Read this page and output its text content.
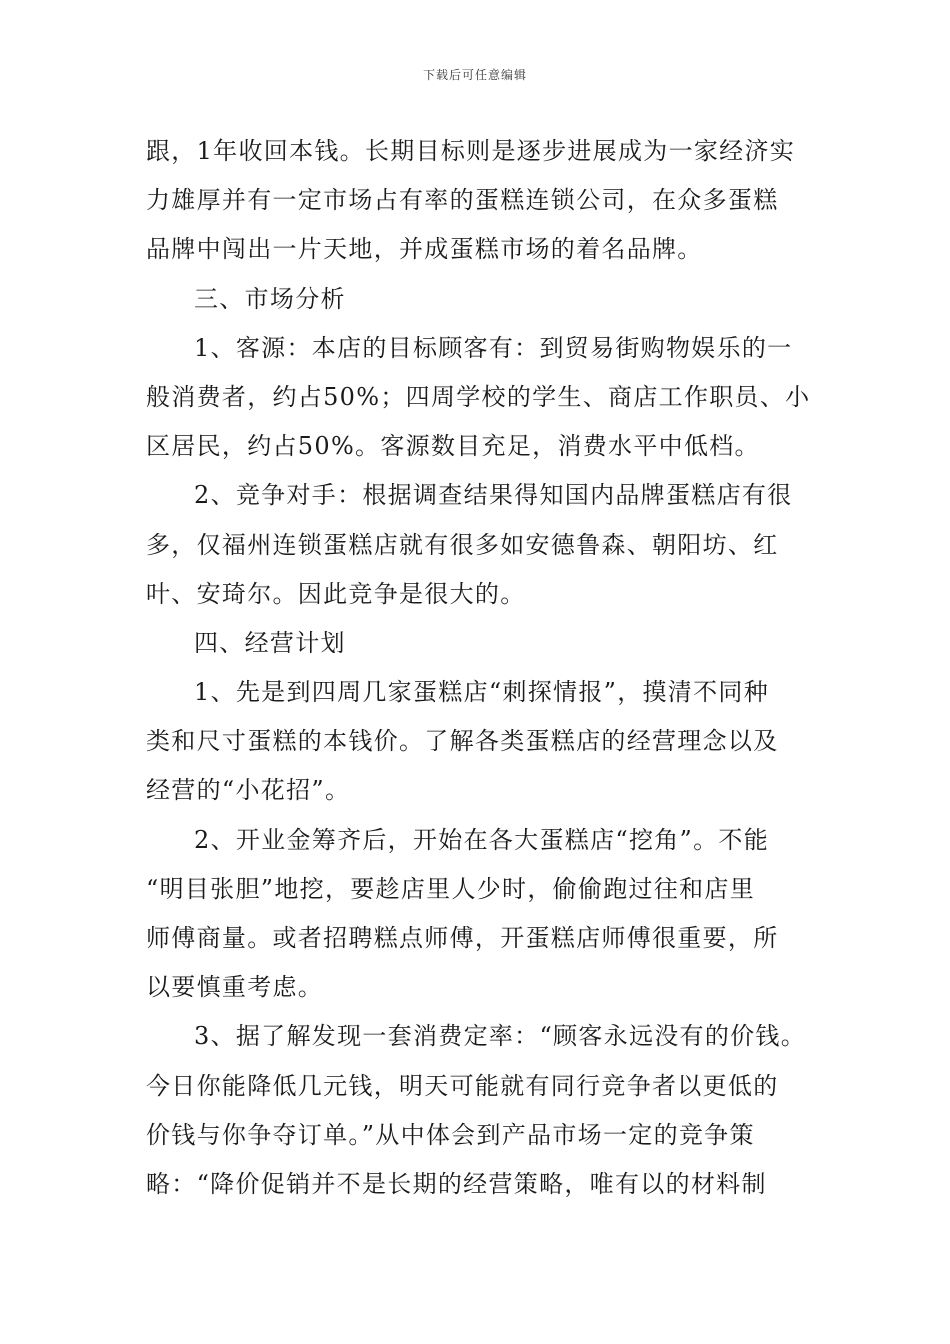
下载后可任意编辑
跟，1年收回本钱。长期目标则是逐步进展成为一家经济实
力雄厚并有一定市场占有率的蛋糕连锁公司，在众多蛋糕
品牌中闯出一片天地，并成蛋糕市场的着名品牌。
三、市场分析
1、客源：本店的目标顾客有：到贸易街购物娱乐的一
般消费者，约占50%；四周学校的学生、商店工作职员、小
区居民，约占50%。客源数目充足，消费水平中低档。
2、竞争对手：根据调查结果得知国内品牌蛋糕店有很
多，仅福州连锁蛋糕店就有很多如安德鲁森、朝阳坊、红
叶、安琦尔。因此竞争是很大的。
四、经营计划
1、先是到四周几家蛋糕店“刺探情报”，摸清不同种
类和尺寸蛋糕的本钱价。了解各类蛋糕店的经营理念以及
经营的“小花招”。
2、开业金筹齐后，开始在各大蛋糕店“挖角”。不能
“明目张胆”地挖，要趁店里人少时，偷偷跑过往和店里
师傅商量。或者招聘糕点师傅，开蛋糕店师傅很重要，所
以要慎重考虑。
3、据了解发现一套消费定率：“顾客永远没有的价钱。
今日你能降低几元钱，明天可能就有同行竞争者以更低的
价钱与你争夺订单。”从中体会到产品市场一定的竞争策
略：“降价促销并不是长期的经营策略，唯有以的材料制
